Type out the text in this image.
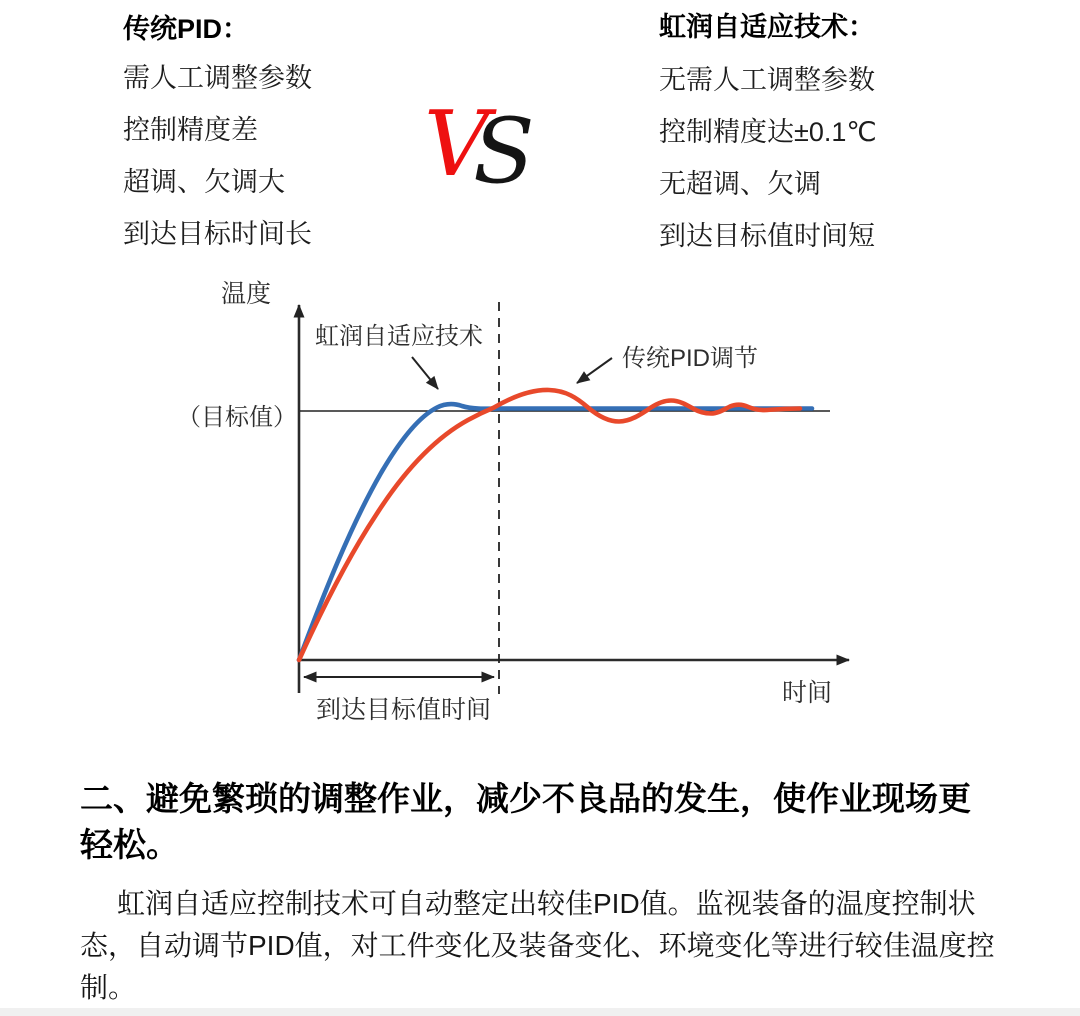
传统PID：
需人工调整参数
控制精度差
超调、欠调大
到达目标时间长
VS
虹润自适应技术：
无需人工调整参数
控制精度达±0.1℃
无超调、欠调
到达目标值时间短
温度
（目标值）
时间
虹润自适应技术
传统PID调节
到达目标值时间
二、避免繁琐的调整作业，减少不良品的发生，使作业现场更
轻松。
虹润自适应控制技术可自动整定出较佳PID值。监视装备的温度控制状
态，自动调节PID值，对工件变化及装备变化、环境变化等进行较佳温度控
制。
